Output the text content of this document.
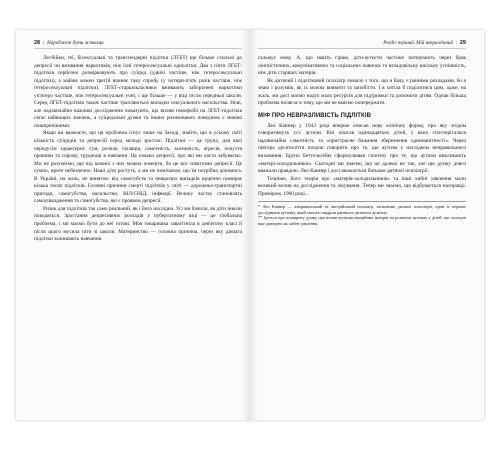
28 | Народжені бути жінками

Лесбійки, геї, бісексуальні та трансгендерні підлітки (ЛГБТ) ще більше схильні до депресії чи вживання наркотиків, ніж їхні гетеросексуальні однолітки. Два з п'яти ЛГБТ-підлітків серйозно розмірковують про суїцид (удвічі частіше, ніж гетеросексуальні підлітки), а майже кожен третій вчиняє таку спробу (у чотири-п'ять разів частіше, ніж гетеросексуальні підлітки). ЛГБТ-старшокласники вживають заборонені наркотики уп'ятеро частіше, ніж гетеросексуальні учні, і ще більше — у віці після середньої школи. Серед ЛГБТ-підлітків також частіше трапляються випадки сексуального насильства. Нові, але надзвичайно важливі дослідження показують, що вплив гомофобії на ЛГБТ-підлітків сягає найвищих значень, а суїцидальні думки та інших ризикованих поведінок є значно поширенішими.

Якщо ви вважаєте, що ця проблема існує лише на Заході, знайте, що в усьому світі кількість суїцидів та депресій серед молоді зростає. Підлітки — це група, для якої передусім характерні: сум, розпач, ізоляція, самотність, залежність, агресія, почуття провини та сорому, труднощі в навчанні. Це ознаки депресії, про які ми часто забуваємо. Ми не розуміємо, що від кожної з них можна померти, бо це все симптоми депресії. Це сумно, проте небезпечно. Наші діти ростуть, а ми не помічаємо, що їм потрібна допомога. В Україні, на жаль, не виняток: від самогубств та нещасних випадків щорічно помирає кілька тисяч підлітків. Головні причини смерті підлітків у світі — дорожньо-транспортні пригоди, самогубства, насильство, ВІЛ/СНІД, інфекції. Велику частку становлять самоушкодження та самогубства, які є проявом депресії.

Ризик для підлітків так само реальний, як і його наслідки. Усі ми бачили, як діти інколи поводяться. Зростання депресивних розладів у пубертатному віці — це глобальна проблема, і ми маємо бути до неї готові. Моя товаришка завагітніла в дев'ятому класі й після цього мусила піти зі школи. Материнство — головна причина, через яку дівчата підлітки залишають навчання.

Розділ перший. Мій невралгічний | 29

гальмує мову. А, що навіть гірше, діти-аутисти частіше потерпають через брак лінгвістичних, комунікативних та соціальних навичок та незадовільну шкільну успішність, ніж діти старших матерів.

Як дитячий і підлітковий психіатр чимало з того, що я бачу, є ранніми розладами, бо я знаю і розумію, як їх можна виявити та запобігти. І я хотіла б поділитися цим, адже, на жаль, ми досі маємо надто мало ресурсів для підтримки та допомоги дітям. Однак більша проблема полягає в тому, що ми не вміємо попереджати.

МІФ ПРО НЕВРАЗЛИВІСТЬ ПІДЛІТКІВ

Лео Каннер у 1943 році вперше описав нову клінічну форму, про яку згодом говоритимуть усі: аутизм. Він описав одинадцятьох дітей, у яких спостерігалася надзвичайна самотність та «пристрасне бажання збереження одноманітності». Через півтора десятиліття почали говорити про те, що аутизм є наслідком неправильного виховання. Бруно Беттельгейм сформулював гіпотезу про те, що аутизм викликають «матері-холодильники». Сьогодні ми знаємо, що це далеко не так, але цю думку довго вважали правдою. Лео Каннер і досі вважається батьком дитячої психіатрії.

Точніше, його теорія про «матерів-холодильників» та інші хибні уявлення мали великий вплив на дослідження та лікування. Тепер ми знаємо, що відбувається насправді. Приміром, 1960 році...

* Лео Каннер — американський та австрійський психіатр, засновник дитячої психіатрії, один із перших дослідників аутизму, який описав синдром раннього дитячого аутизму.

** Ідеться про поширену думку про вплив мультиплікаційних матерів на розвиток аутизму у дітей, що сьогодні вже доведено як хибне уявлення.
